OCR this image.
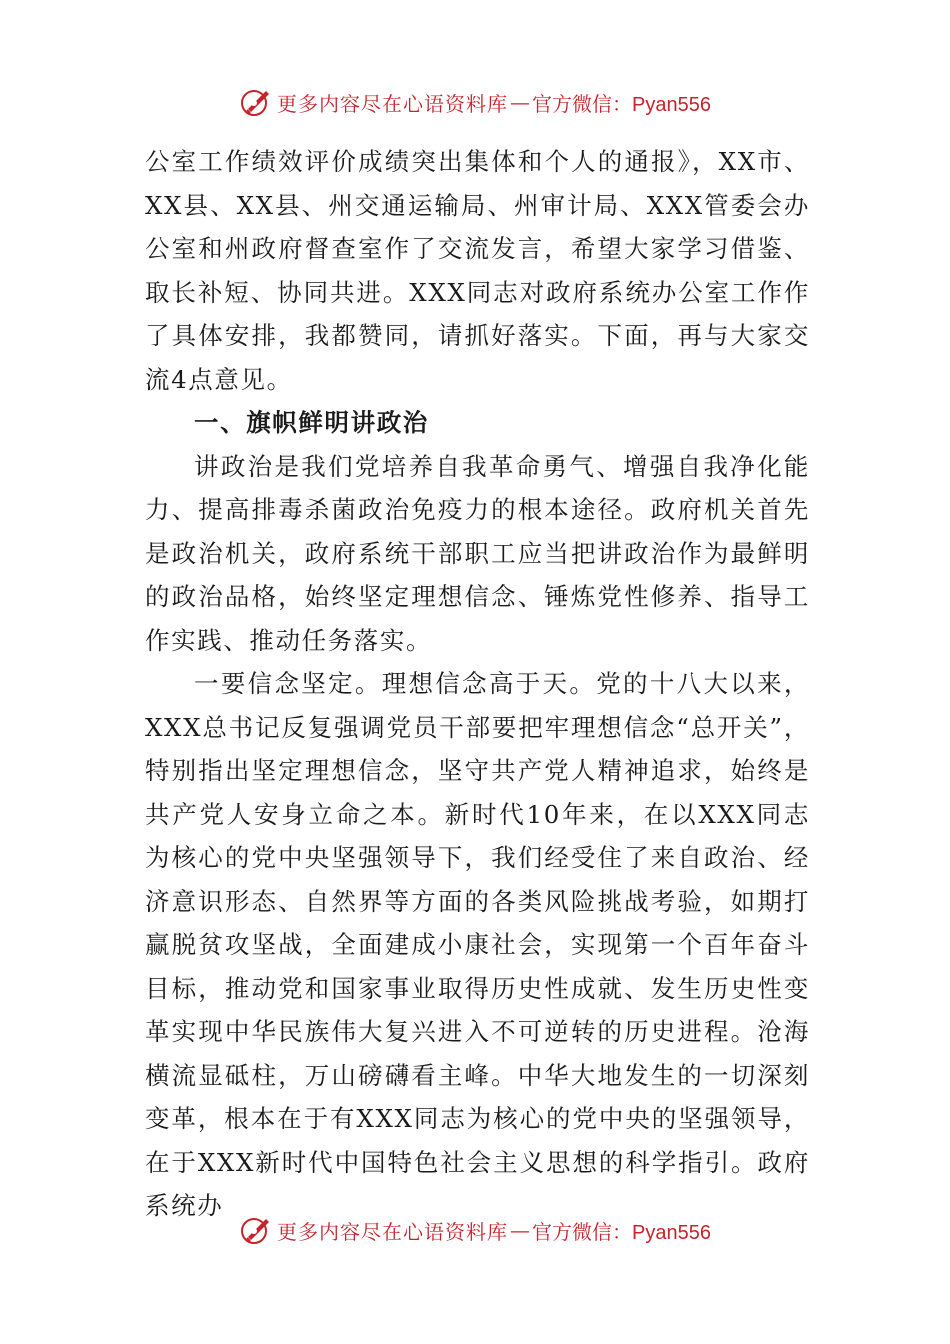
更多内容尽在心语资料库 — 官方微信：Pyan556

公室工作绩效评价成绩突出集体和个人的通报》，XX市、XX县、XX县、州交通运输局、州审计局、XXX管委会办公室和州政府督查室作了交流发言，希望大家学习借鉴、取长补短、协同共进。XXX同志对政府系统办公室工作作了具体安排，我都赞同，请抓好落实。下面，再与大家交流4点意见。

一、旗帜鲜明讲政治

讲政治是我们党培养自我革命勇气、增强自我净化能力、提高排毒杀菌政治免疫力的根本途径。政府机关首先是政治机关，政府系统干部职工应当把讲政治作为最鲜明的政治品格，始终坚定理想信念、锤炼党性修养、指导工作实践、推动任务落实。

一要信念坚定。理想信念高于天。党的十八大以来，XXX总书记反复强调党员干部要把牢理想信念“总开关”，特别指出坚定理想信念，坚守共产党人精神追求，始终是共产党人安身立命之本。新时代10年来，在以XXX同志为核心的党中央坚强领导下，我们经受住了来自政治、经济意识形态、自然界等方面的各类风险挑战考验，如期打赢脱贫攻坚战，全面建成小康社会，实现第一个百年奋斗目标，推动党和国家事业取得历史性成就、发生历史性变革实现中华民族伟大复兴进入不可逆转的历史进程。沧海横流显砥柱，万山磅礴看主峰。中华大地发生的一切深刻变革，根本在于有XXX同志为核心的党中央的坚强领导，在于XXX新时代中国特色社会主义思想的科学指引。政府系统办

更多内容尽在心语资料库 — 官方微信：Pyan556
